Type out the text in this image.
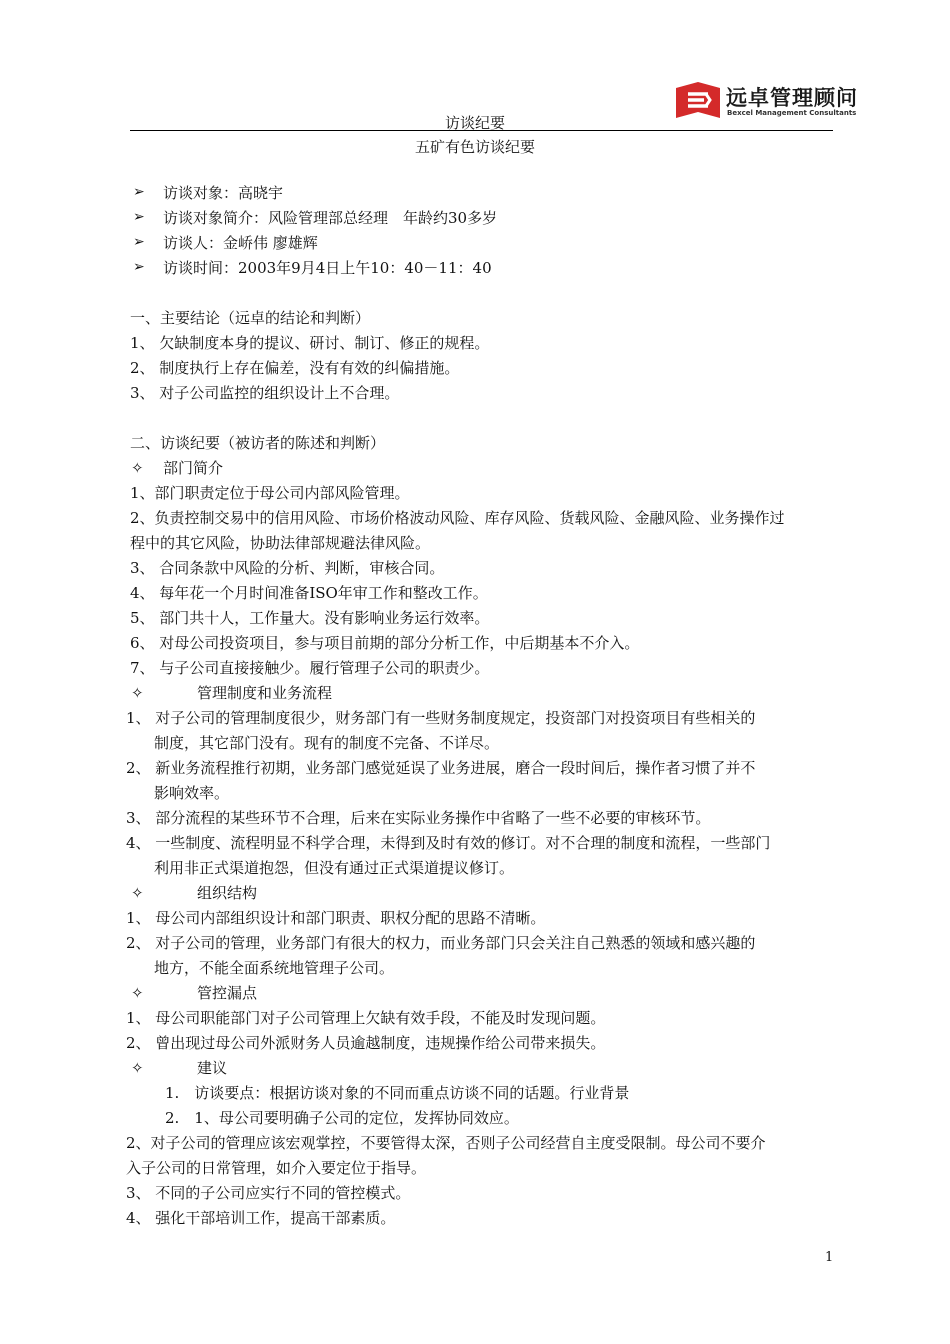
远卓管理顾问
Bexcel Management Consultants
访谈纪要
五矿有色访谈纪要
➢ 访谈对象：高晓宇
➢ 访谈对象简介：风险管理部总经理　年龄约30多岁
➢ 访谈人：金峤伟 廖雄辉
➢ 访谈时间：2003年9月4日上午10：40－11：40
一、主要结论（远卓的结论和判断）
1、 欠缺制度本身的提议、研讨、制订、修正的规程。
2、 制度执行上存在偏差，没有有效的纠偏措施。
3、 对子公司监控的组织设计上不合理。
二、访谈纪要（被访者的陈述和判断）
✧ 部门简介
1、部门职责定位于母公司内部风险管理。
2、负责控制交易中的信用风险、市场价格波动风险、库存风险、货载风险、金融风险、业务操作过
程中的其它风险，协助法律部规避法律风险。
3、 合同条款中风险的分析、判断，审核合同。
4、 每年花一个月时间准备ISO年审工作和整改工作。
5、 部门共十人，工作量大。没有影响业务运行效率。
6、 对母公司投资项目，参与项目前期的部分分析工作，中后期基本不介入。
7、 与子公司直接接触少。履行管理子公司的职责少。
✧	管理制度和业务流程
1、 对子公司的管理制度很少，财务部门有一些财务制度规定，投资部门对投资项目有些相关的
制度，其它部门没有。现有的制度不完备、不详尽。
2、 新业务流程推行初期，业务部门感觉延误了业务进展，磨合一段时间后，操作者习惯了并不
影响效率。
3、 部分流程的某些环节不合理，后来在实际业务操作中省略了一些不必要的审核环节。
4、 一些制度、流程明显不科学合理，未得到及时有效的修订。对不合理的制度和流程，一些部门
利用非正式渠道抱怨，但没有通过正式渠道提议修订。
✧	组织结构
1、 母公司内部组织设计和部门职责、职权分配的思路不清晰。
2、 对子公司的管理，业务部门有很大的权力，而业务部门只会关注自己熟悉的领域和感兴趣的
地方，不能全面系统地管理子公司。
✧	管控漏点
1、 母公司职能部门对子公司管理上欠缺有效手段，不能及时发现问题。
2、 曾出现过母公司外派财务人员逾越制度，违规操作给公司带来损失。
✧	建议
1.　访谈要点：根据访谈对象的不同而重点访谈不同的话题。行业背景
2.　1、母公司要明确子公司的定位，发挥协同效应。
2、对子公司的管理应该宏观掌控，不要管得太深，否则子公司经营自主度受限制。母公司不要介
入子公司的日常管理，如介入要定位于指导。
3、 不同的子公司应实行不同的管控模式。
4、 强化干部培训工作，提高干部素质。
1
